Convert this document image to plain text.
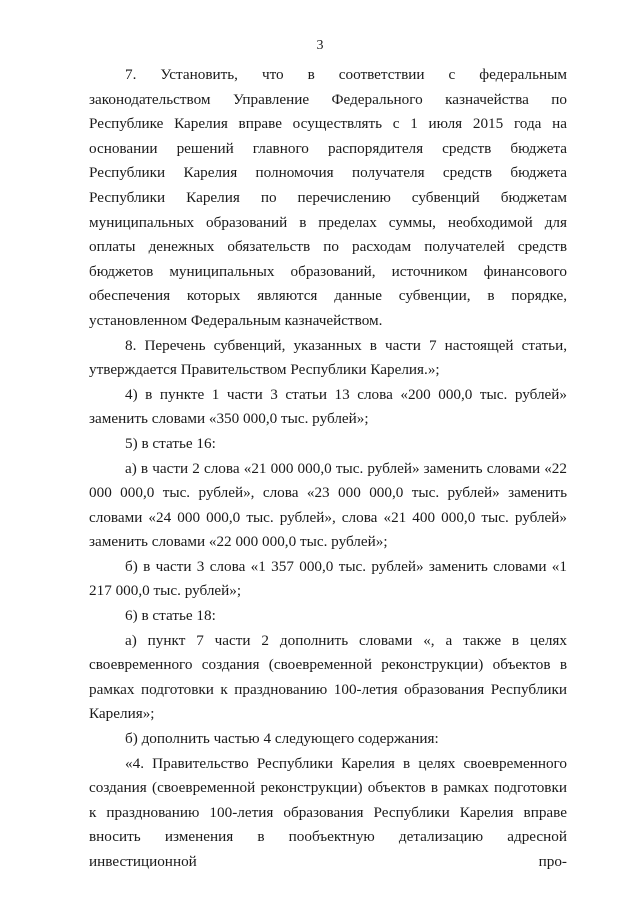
3

7. Установить, что в соответствии с федеральным законодательством Управление Федерального казначейства по Республике Карелия вправе осуществлять с 1 июля 2015 года на основании решений главного распорядителя средств бюджета Республики Карелия полномочия получателя средств бюджета Республики Карелия по перечислению субвенций бюджетам муниципальных образований в пределах суммы, необходимой для оплаты денежных обязательств по расходам получателей средств бюджетов муниципальных образований, источником финансового обеспечения которых являются данные субвенции, в порядке, установленном Федеральным казначейством.

8. Перечень субвенций, указанных в части 7 настоящей статьи, утверждается Правительством Республики Карелия.»;

4) в пункте 1 части 3 статьи 13 слова «200 000,0 тыс. рублей» заменить словами «350 000,0 тыс. рублей»;

5) в статье 16:

а) в части 2 слова «21 000 000,0 тыс. рублей» заменить словами «22 000 000,0 тыс. рублей», слова «23 000 000,0 тыс. рублей» заменить словами «24 000 000,0 тыс. рублей», слова «21 400 000,0 тыс. рублей» заменить словами «22 000 000,0 тыс. рублей»;

б) в части 3 слова «1 357 000,0 тыс. рублей» заменить словами «1 217 000,0 тыс. рублей»;

6) в статье 18:

а) пункт 7 части 2 дополнить словами «, а также в целях своевременного создания (своевременной реконструкции) объектов в рамках подготовки к празднованию 100-летия образования Республики Карелия»;

б) дополнить частью 4 следующего содержания:

«4. Правительство Республики Карелия в целях своевременного создания (своевременной реконструкции) объектов в рамках подготовки к празднованию 100-летия образования Республики Карелия вправе вносить изменения в пообъектную детализацию адресной инвестиционной про-
